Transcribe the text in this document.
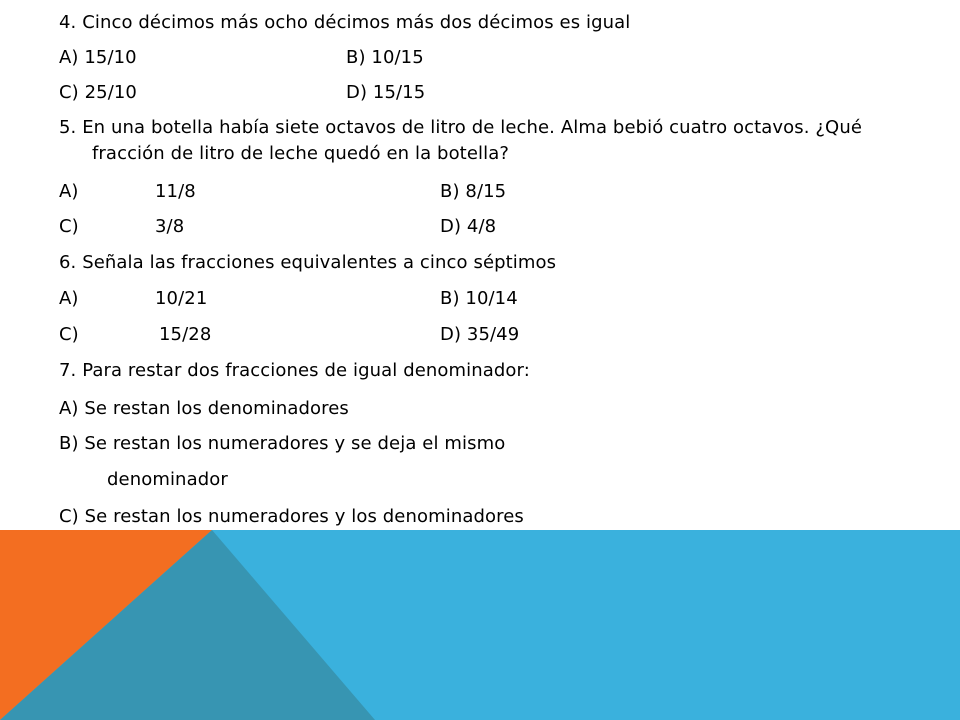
4. Cinco décimos más ocho décimos más dos décimos es igual
A) 15/10	B) 10/15
C) 25/10	D) 15/15
5. En una botella había siete octavos de litro de leche. Alma bebió cuatro octavos. ¿Qué
fracción de litro de leche quedó en la botella?
A)	11/8	B) 8/15
C)	3/8	D) 4/8
6. Señala las fracciones equivalentes a cinco séptimos
A)	10/21	B) 10/14
C)	15/28	D) 35/49
7. Para restar dos fracciones de igual denominador:
A) Se restan los denominadores
B) Se restan los numeradores y se deja el mismo
denominador
C) Se restan los numeradores y los denominadores
